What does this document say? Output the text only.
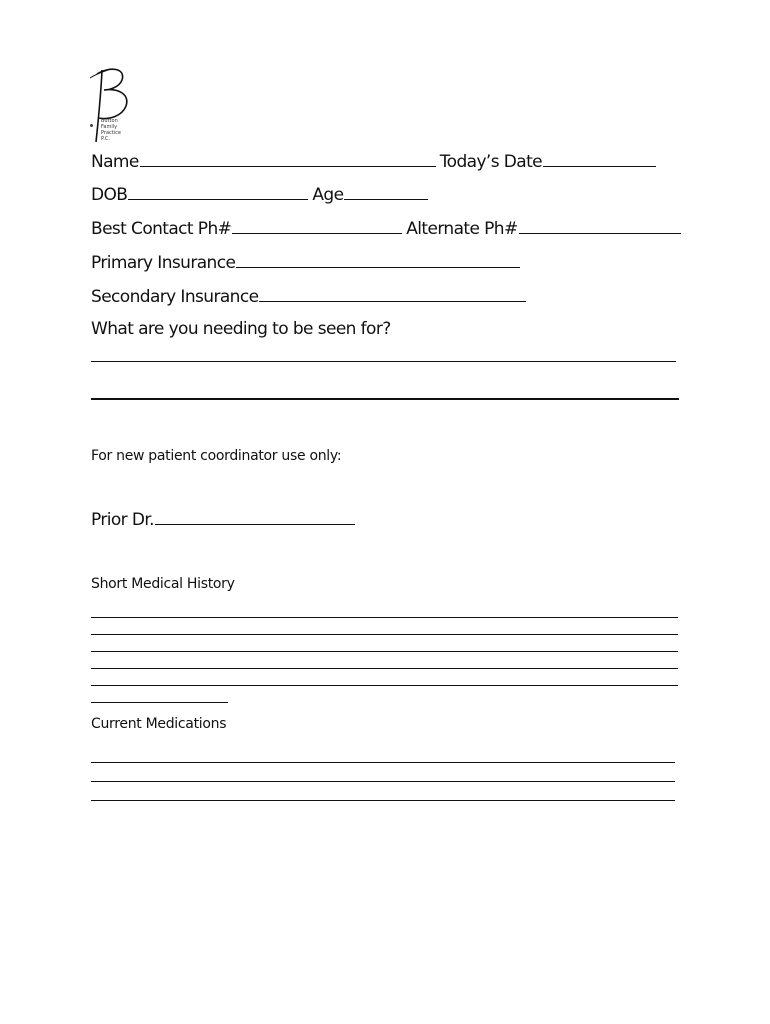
Button
Family
Practice
P.C.
Name	Today’s Date
DOB	Age
Best Contact Ph#	Alternate Ph#
Primary Insurance
Secondary Insurance
What are you needing to be seen for?
For new patient coordinator use only:
Prior Dr.
Short Medical History
Current Medications
